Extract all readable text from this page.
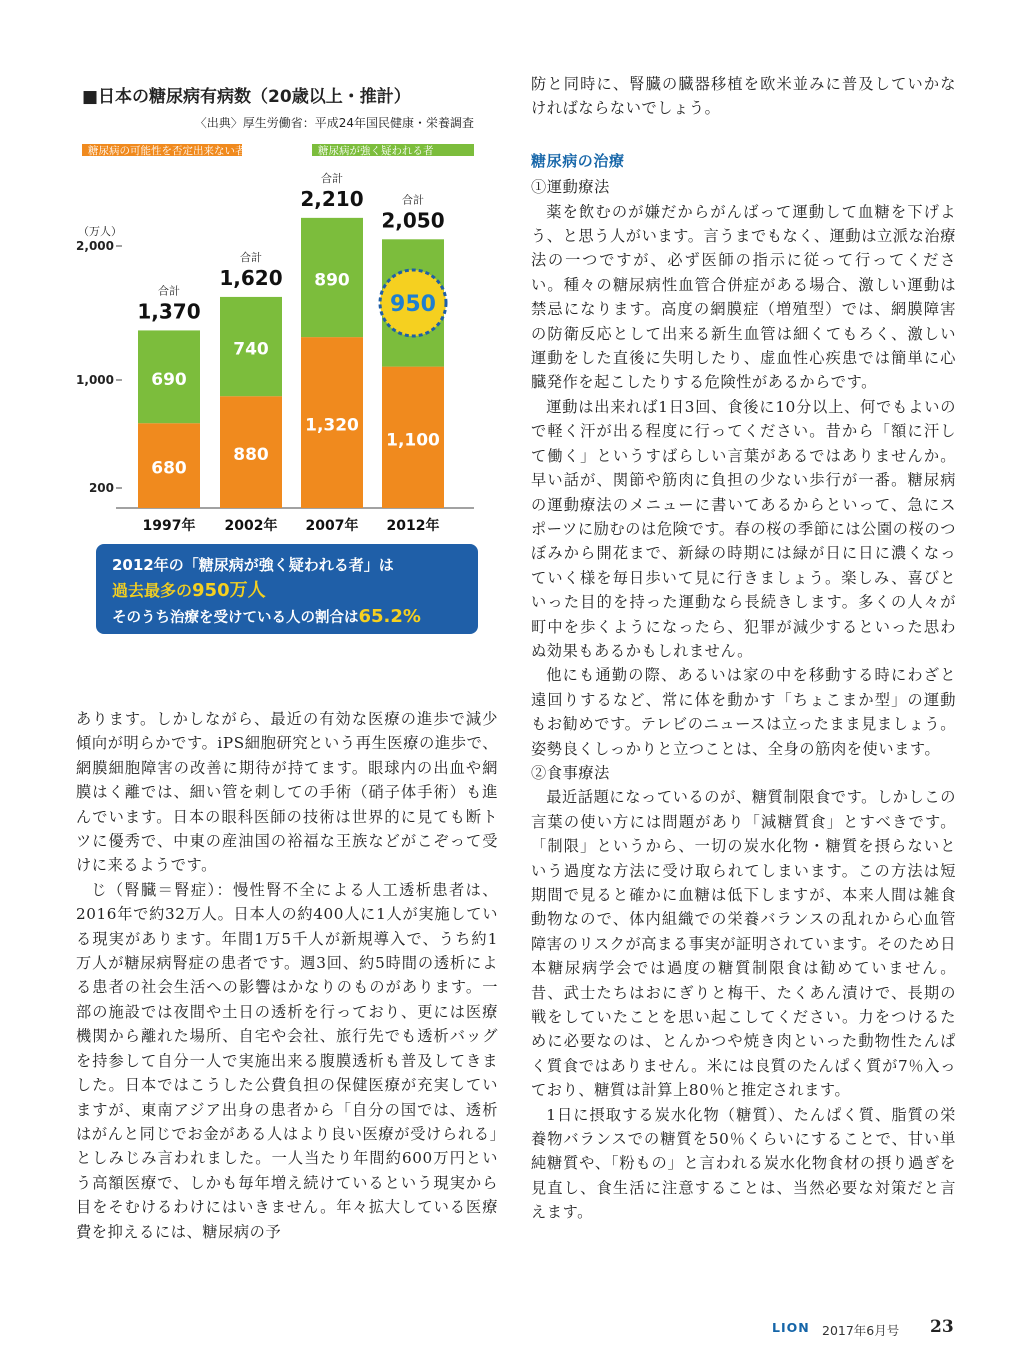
■日本の糖尿病有病数（20歳以上・推計）
〈出典〉厚生労働省：平成24年国民健康・栄養調査
糖尿病の可能性を否定出来ない者	糖尿病が強く疑われる者
（万人）
2,000
1,000
200
680
690
合計
1,370
1997年
880
740
合計
1,620
2002年
1,320
890
合計
2,210
2007年
1,100
950
合計
2,050
2012年
2012年の「糖尿病が強く疑われる者」は
過去最多の950万人
そのうち治療を受けている人の割合は65.2%

あります。しかしながら、最近の有効な医療の進歩で減少傾向が明らかです。iPS細胞研究という再生医療の進歩で、網膜細胞障害の改善に期待が持てます。眼球内の出血や網膜はく離では、細い管を刺しての手術（硝子体手術）も進んでいます。日本の眼科医師の技術は世界的に見ても断トツに優秀で、中東の産油国の裕福な王族などがこぞって受けに来るようです。

じ（腎臓＝腎症）：慢性腎不全による人工透析患者は、2016年で約32万人。日本人の約400人に1人が実施している現実があります。年間1万5千人が新規導入で、うち約1万人が糖尿病腎症の患者です。週3回、約5時間の透析による患者の社会生活への影響はかなりのものがあります。一部の施設では夜間や土日の透析を行っており、更には医療機関から離れた場所、自宅や会社、旅行先でも透析バッグを持参して自分一人で実施出来る腹膜透析も普及してきました。日本ではこうした公費負担の保健医療が充実していますが、東南アジア出身の患者から「自分の国では、透析はがんと同じでお金がある人はより良い医療が受けられる」としみじみ言われました。一人当たり年間約600万円という高額医療で、しかも毎年増え続けているという現実から目をそむけるわけにはいきません。年々拡大している医療費を抑えるには、糖尿病の予

防と同時に、腎臓の臓器移植を欧米並みに普及していかなければならないでしょう。

糖尿病の治療

①運動療法

薬を飲むのが嫌だからがんばって運動して血糖を下げよう、と思う人がいます。言うまでもなく、運動は立派な治療法の一つですが、必ず医師の指示に従って行ってください。種々の糖尿病性血管合併症がある場合、激しい運動は禁忌になります。高度の網膜症（増殖型）では、網膜障害の防衛反応として出来る新生血管は細くてもろく、激しい運動をした直後に失明したり、虚血性心疾患では簡単に心臓発作を起こしたりする危険性があるからです。

運動は出来れば1日3回、食後に10分以上、何でもよいので軽く汗が出る程度に行ってください。昔から「額に汗して働く」というすばらしい言葉があるではありませんか。早い話が、関節や筋肉に負担の少ない歩行が一番。糖尿病の運動療法のメニューに書いてあるからといって、急にスポーツに励むのは危険です。春の桜の季節には公園の桜のつぼみから開花まで、新緑の時期には緑が日に日に濃くなっていく様を毎日歩いて見に行きましょう。楽しみ、喜びといった目的を持った運動なら長続きします。多くの人々が町中を歩くようになったら、犯罪が減少するといった思わぬ効果もあるかもしれません。

他にも通勤の際、あるいは家の中を移動する時にわざと遠回りするなど、常に体を動かす「ちょこまか型」の運動もお勧めです。テレビのニュースは立ったまま見ましょう。姿勢良くしっかりと立つことは、全身の筋肉を使います。

②食事療法

最近話題になっているのが、糖質制限食です。しかしこの言葉の使い方には問題があり「減糖質食」とすべきです。「制限」というから、一切の炭水化物・糖質を摂らないという過度な方法に受け取られてしまいます。この方法は短期間で見ると確かに血糖は低下しますが、本来人間は雑食動物なので、体内組織での栄養バランスの乱れから心血管障害のリスクが高まる事実が証明されています。そのため日本糖尿病学会では過度の糖質制限食は勧めていません。昔、武士たちはおにぎりと梅干、たくあん漬けで、長期の戦をしていたことを思い起こしてください。力をつけるために必要なのは、とんかつや焼き肉といった動物性たんぱく質食ではありません。米には良質のたんぱく質が7％入っており、糖質は計算上80％と推定されます。

1日に摂取する炭水化物（糖質）、たんぱく質、脂質の栄養物バランスでの糖質を50％くらいにすることで、甘い単純糖質や、「粉もの」と言われる炭水化物食材の摂り過ぎを見直し、食生活に注意することは、当然必要な対策だと言えます。

LION 2017年6月号 23
